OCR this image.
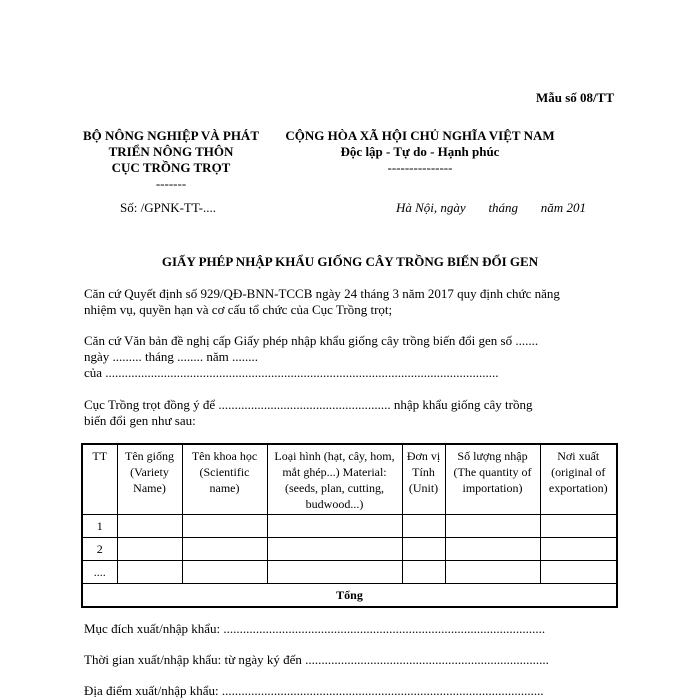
Mẫu số 08/TT
BỘ NÔNG NGHIỆP VÀ PHÁT
TRIỂN NÔNG THÔN
CỤC TRỒNG TRỌT
-------
CỘNG HÒA XÃ HỘI CHỦ NGHĨA VIỆT NAM
Độc lập - Tự do - Hạnh phúc
---------------
Số: /GPNK-TT-....	Hà Nội, ngày       tháng       năm 201
GIẤY PHÉP NHẬP KHẨU GIỐNG CÂY TRỒNG BIẾN ĐỔI GEN
Căn cứ Quyết định số 929/QĐ-BNN-TCCB ngày 24 tháng 3 năm 2017 quy định chức năng nhiệm vụ, quyền hạn và cơ cấu tổ chức của Cục Trồng trọt;
Căn cứ Văn bản đề nghị cấp Giấy phép nhập khẩu giống cây trồng biến đổi gen số .......
ngày ......... tháng ........ năm ........
của .........................................................................................................................
Cục Trồng trọt đồng ý để ..................................................... nhập khẩu giống cây trồng
biến đổi gen như sau:
TT	Tên giống (Variety Name)	Tên khoa học (Scientific name)	Loại hình (hạt, cây, hom, mắt ghép...) Material: (seeds, plan, cutting, budwood...)	Đơn vị Tính (Unit)	Số lượng nhập (The quantity of importation)	Nơi xuất (original of exportation)
1						
2						
....						
Tổng						
Mục đích xuất/nhập khẩu: ...................................................................................................
Thời gian xuất/nhập khẩu: từ ngày ký đến ...........................................................................
Địa điểm xuất/nhập khẩu: ...................................................................................................
